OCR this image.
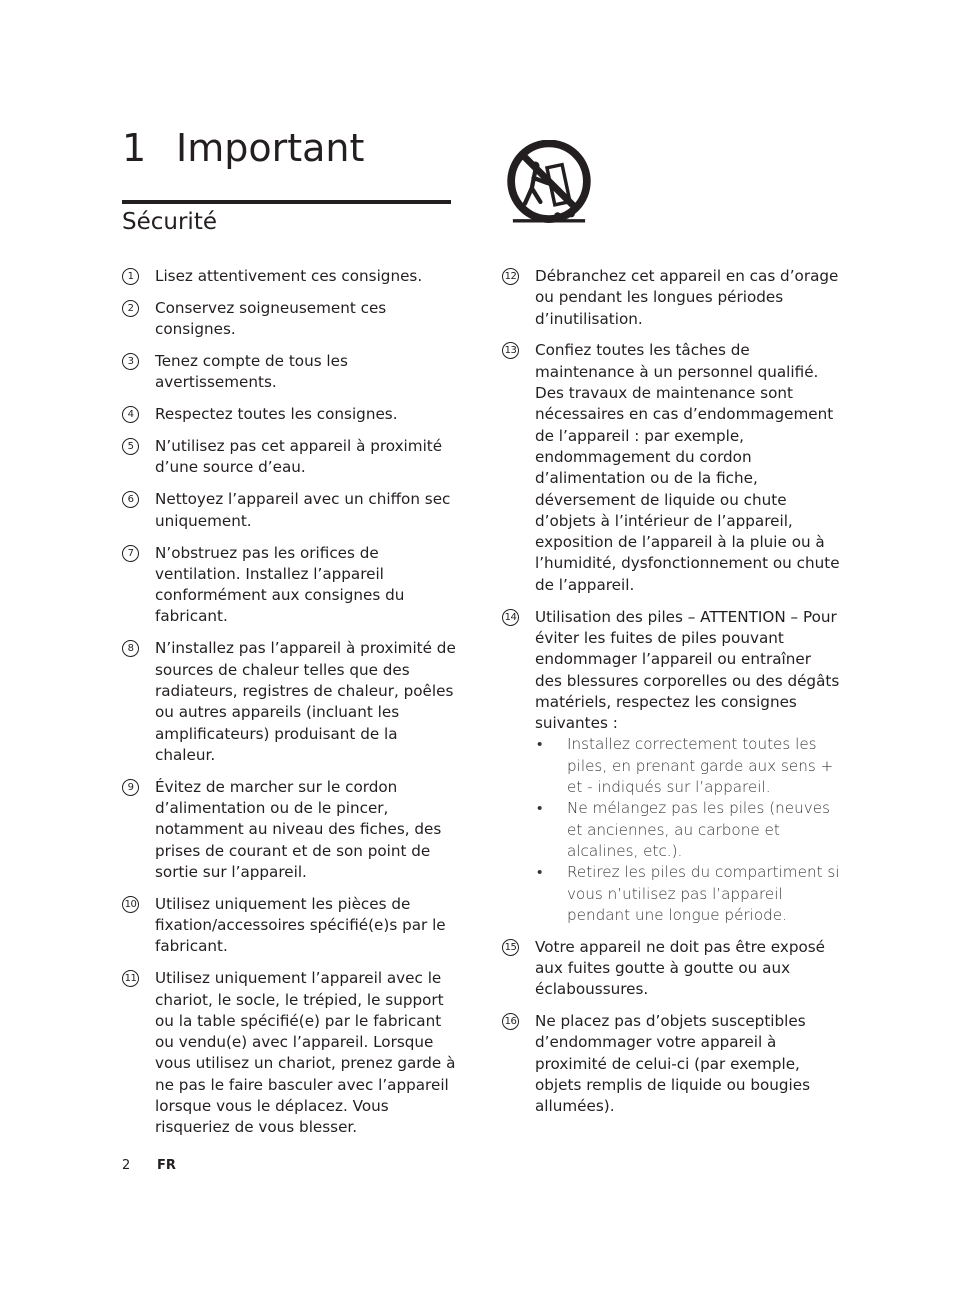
1 Important
Sécurité
1	Lisez attentivement ces consignes.
2	Conservez soigneusement ces consignes.
3	Tenez compte de tous les avertissements.
4	Respectez toutes les consignes.
5	N’utilisez pas cet appareil à proximité d’une source d’eau.
6	Nettoyez l’appareil avec un chiffon sec uniquement.
7	N’obstruez pas les orifices de ventilation. Installez l’appareil conformément aux consignes du fabricant.
8	N’installez pas l’appareil à proximité de sources de chaleur telles que des radiateurs, registres de chaleur, poêles ou autres appareils (incluant les amplificateurs) produisant de la chaleur.
9	Évitez de marcher sur le cordon d’alimentation ou de le pincer, notamment au niveau des fiches, des prises de courant et de son point de sortie sur l’appareil.
10 Utilisez uniquement les pièces de fixation/accessoires spécifié(e)s par le fabricant.
11 Utilisez uniquement l’appareil avec le chariot, le socle, le trépied, le support ou la table spécifié(e) par le fabricant ou vendu(e) avec l’appareil. Lorsque vous utilisez un chariot, prenez garde à ne pas le faire basculer avec l’appareil lorsque vous le déplacez. Vous risqueriez de vous blesser.
12 Débranchez cet appareil en cas d’orage ou pendant les longues périodes d’inutilisation.
13 Confiez toutes les tâches de maintenance à un personnel qualifié. Des travaux de maintenance sont nécessaires en cas d’endommagement de l’appareil : par exemple, endommagement du cordon d’alimentation ou de la fiche, déversement de liquide ou chute d’objets à l’intérieur de l’appareil, exposition de l’appareil à la pluie ou à l’humidité, dysfonctionnement ou chute de l’appareil.
14 Utilisation des piles – ATTENTION – Pour éviter les fuites de piles pouvant endommager l’appareil ou entraîner des blessures corporelles ou des dégâts matériels, respectez les consignes suivantes :
• Installez correctement toutes les piles, en prenant garde aux sens + et - indiqués sur l’appareil.
• Ne mélangez pas les piles (neuves et anciennes, au carbone et alcalines, etc.).
• Retirez les piles du compartiment si vous n’utilisez pas l’appareil pendant une longue période.
15 Votre appareil ne doit pas être exposé aux fuites goutte à goutte ou aux éclaboussures.
16 Ne placez pas d’objets susceptibles d’endommager votre appareil à proximité de celui-ci (par exemple, objets remplis de liquide ou bougies allumées).
2 FR
